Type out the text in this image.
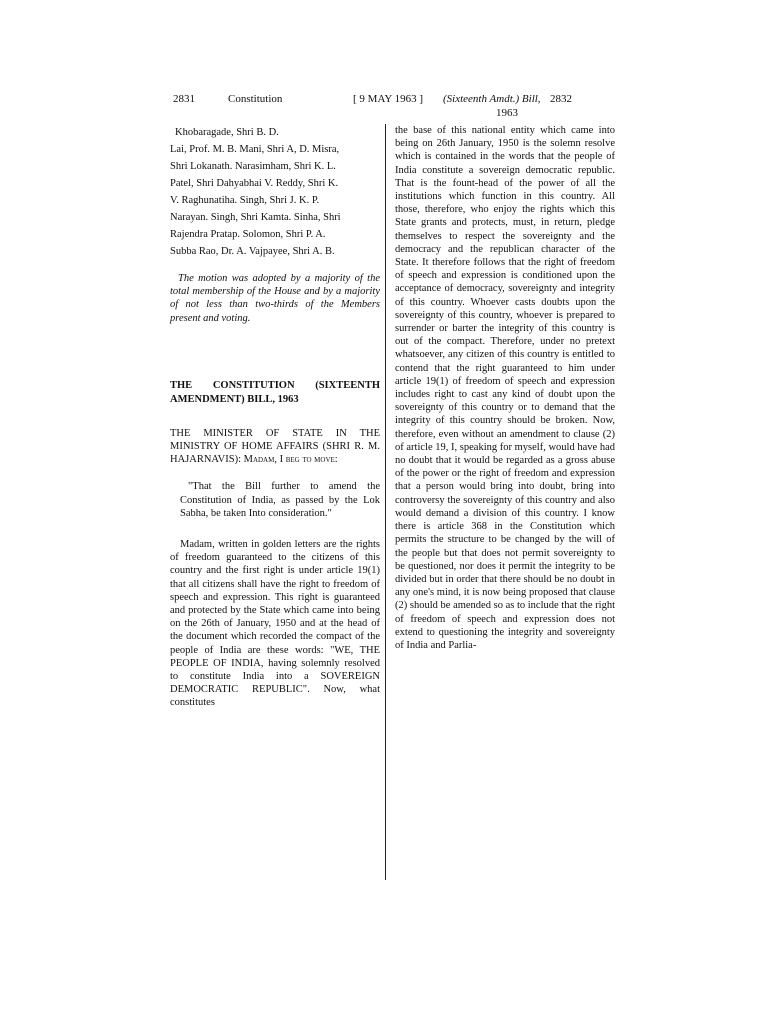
2831	Constitution	[ 9 MAY 1963 ] (Sixteenth Amdt.) Bill, 2832
1963
Khobaragade, Shri B. D.
Lai, Prof. M. B. Mani, Shri A, D. Misra,
Shri Lokanath. Narasimham, Shri K. L.
Patel, Shri Dahyabhai V. Reddy, Shri K.
V. Raghunatiha. Singh, Shri J. K. P.
Narayan. Singh, Shri Kamta. Sinha, Shri
Rajendra Pratap. Solomon, Shri P. A.
Subba Rao, Dr. A. Vajpayee, Shri A. B.

The motion was adopted by a majority of the total membership of the House and by a majority of not less than two-thirds of the Members present and voting.

THE CONSTITUTION (SIXTEENTH AMENDMENT) BILL, 1963

THE MINISTER OF STATE IN THE MINISTRY OF HOME AFFAIRS (SHRI R. M. HAJARNAVIS): Madam, I beg to move:

"That the Bill further to amend the Constitution of India, as passed by the Lok Sabha, be taken Into consideration."

Madam, written in golden letters are the rights of freedom guaranteed to the citizens of this country and the first right is under article 19(1) that all citizens shall have the right to freedom of speech and expression. This right is guaranteed and protected by the State which came into being on the 26th of January, 1950 and at the head of the document which recorded the compact of the people of India are these words: "WE, THE PEOPLE OF INDIA, having solemnly resolved to constitute India into a SOVEREIGN DEMOCRATIC REPUBLIC". Now, what constitutes

the base of this national entity which came into being on 26th January, 1950 is the solemn resolve which is contained in the words that the people of India constitute a sovereign democratic republic. That is the fount-head of the power of all the institutions which function in this country. All those, therefore, who enjoy the rights which this State grants and protects, must, in return, pledge themselves to respect the sovereignty and the democracy and the republican character of the State. It therefore follows that the right of freedom of speech and expression is conditioned upon the acceptance of democracy, sovereignty and integrity of this country. Whoever casts doubts upon the sovereignty of this country, whoever is prepared to surrender or barter the integrity of this country is out of the compact. Therefore, under no pretext whatsoever, any citizen of this country is entitled to contend that the right guaranteed to him under article 19(1) of freedom of speech and expression includes right to cast any kind of doubt upon the sovereignty of this country or to demand that the integrity of this country should be broken. Now, therefore, even without an amendment to clause (2) of article 19, I, speaking for myself, would have had no doubt that it would be regarded as a gross abuse of the power or the right of freedom and expression that a person would bring into doubt, bring into controversy the sovereignty of this country and also would demand a division of this country. I know there is article 368 in the Constitution which permits the structure to be changed by the will of the people but that does not permit sovereignty to be questioned, nor does it permit the integrity to be divided but in order that there should be no doubt in any one's mind, it is now being proposed that clause (2) should be amended so as to include that the right of freedom of speech and expression does not extend to questioning the integrity and sovereignty of India and Parlia-
